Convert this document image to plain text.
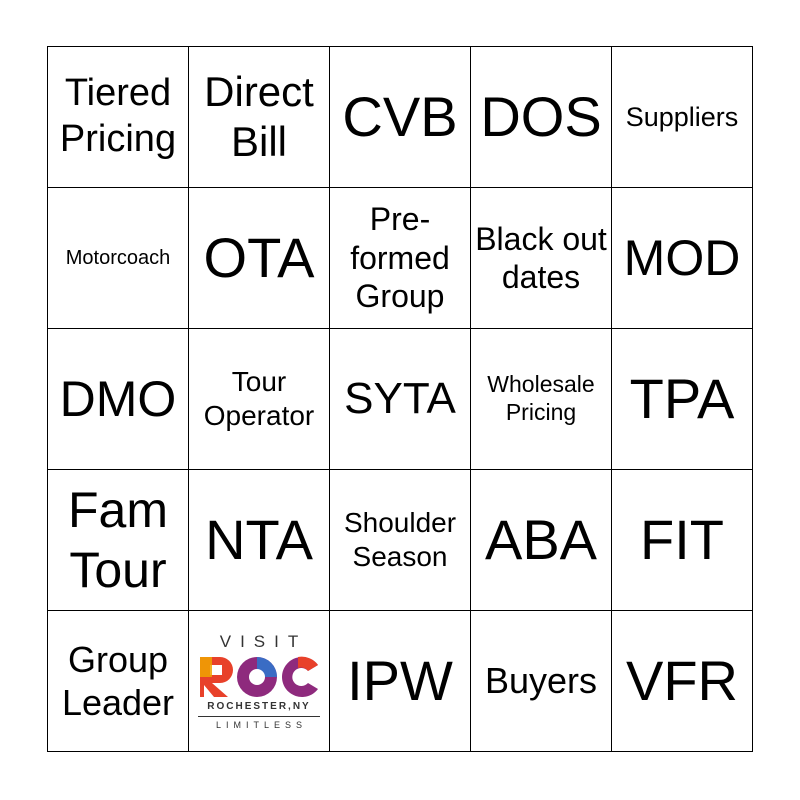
Tiered Pricing
Direct Bill CVB DOS Suppliers
Motorcoach OTA
Pre-formed Group
Black out dates MOD
DMO	Tour Operator SYTA	Wholesale Pricing TPA
Fam Tour NTA	Shoulder Season ABA FIT
Group Leader
VISIT
ROCHESTER,NY
LIMITLESS
IPW Buyers VFR
